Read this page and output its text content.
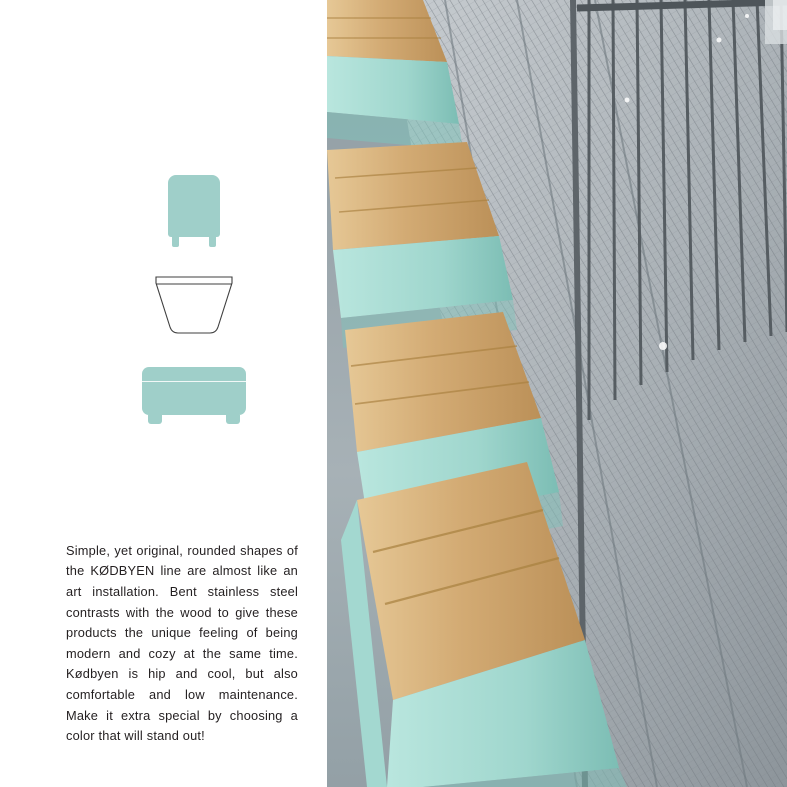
Simple, yet original, rounded shapes of the KØDBYEN line are almost like an art installation. Bent stainless steel contrasts with the wood to give these products the unique feeling of being modern and cozy at the same time. Kødbyen is hip and cool, but also comfortable and low maintenance. Make it extra special by choosing a color that will stand out!
